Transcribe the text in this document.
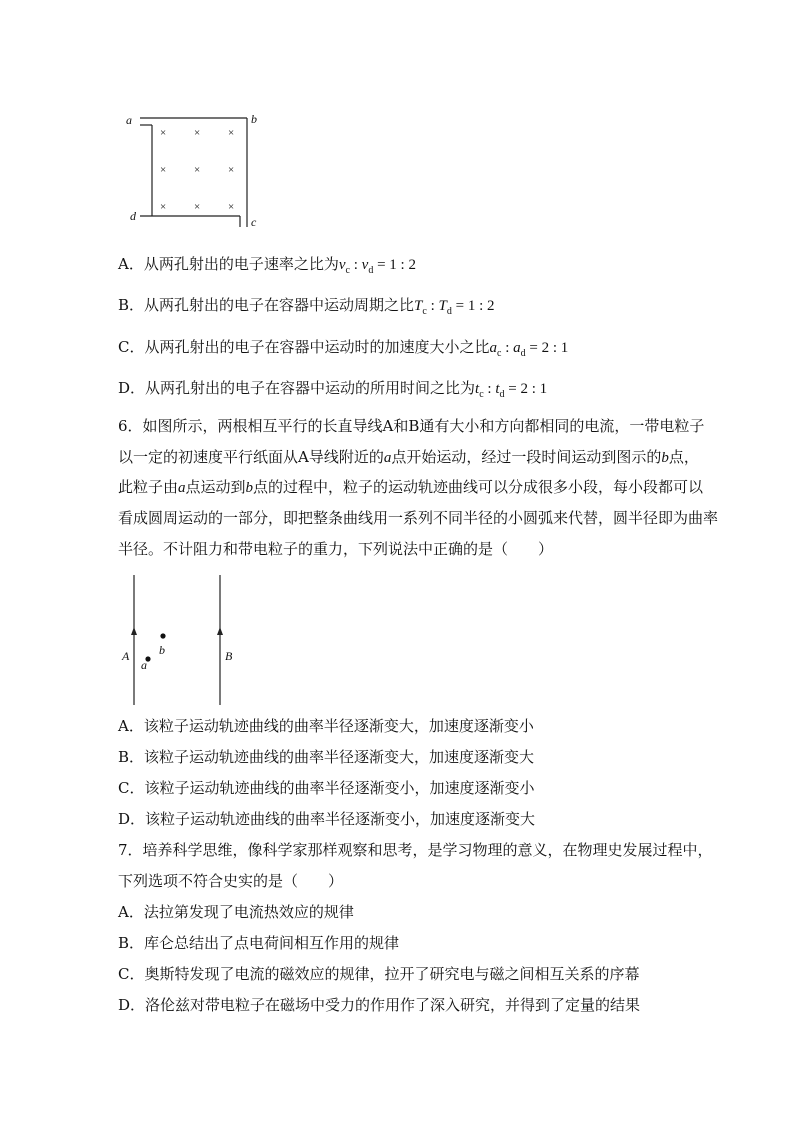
a	b
c
d
×	×	×
×	×	×
×	×	×
A．从两孔射出的电子速率之比为$v_c$ : $v_d = 1$ : 2
B．从两孔射出的电子在容器中运动周期之比$T_c$ : $T_d = 1$ : 2
C．从两孔射出的电子在容器中运动时的加速度大小之比$a_c$ : $a_d = 2$ : 1
D．从两孔射出的电子在容器中运动的所用时间之比为$t_c$ : $t_d = 2$ : 1
6．如图所示，两根相互平行的长直导线A和B通有大小和方向都相同的电流，一带电粒子
以一定的初速度平行纸面从A导线附近的a点开始运动，经过一段时间运动到图示的b点，
此粒子由a点运动到b点的过程中，粒子的运动轨迹曲线可以分成很多小段，每小段都可以
看成圆周运动的一部分，即把整条曲线用一系列不同半径的小圆弧来代替，圆半径即为曲率
半径。不计阻力和带电粒子的重力，下列说法中正确的是（　　）
A	B
b
a
A．该粒子运动轨迹曲线的曲率半径逐渐变大，加速度逐渐变小
B．该粒子运动轨迹曲线的曲率半径逐渐变大，加速度逐渐变大
C．该粒子运动轨迹曲线的曲率半径逐渐变小，加速度逐渐变小
D．该粒子运动轨迹曲线的曲率半径逐渐变小，加速度逐渐变大
7．培养科学思维，像科学家那样观察和思考，是学习物理的意义，在物理史发展过程中，
下列选项不符合史实的是（　　）
A．法拉第发现了电流热效应的规律
B．库仑总结出了点电荷间相互作用的规律
C．奥斯特发现了电流的磁效应的规律，拉开了研究电与磁之间相互关系的序幕
D．洛伦兹对带电粒子在磁场中受力的作用作了深入研究，并得到了定量的结果
